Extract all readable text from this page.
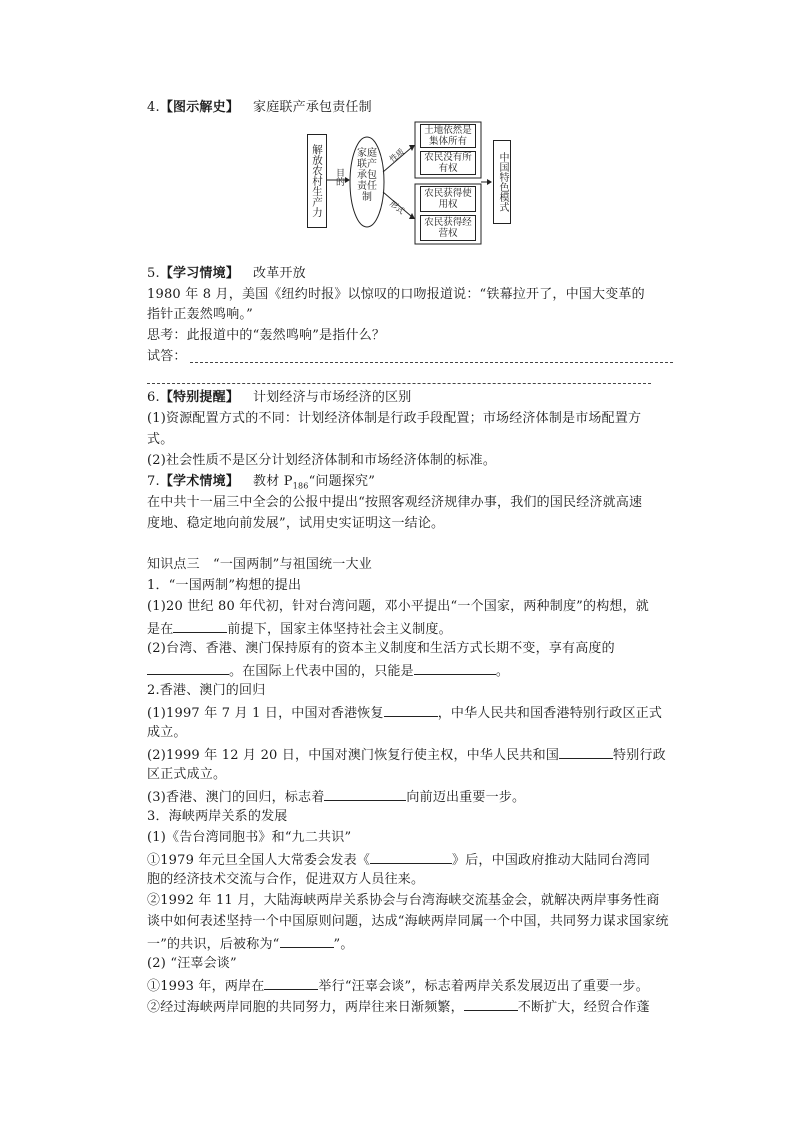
4.【图示解史】 家庭联产承包责任制
解放农村生产力 目的
家庭联产承包责任制
性质
形式
土地依然是集体所有
农民没有所有权
农民获得使用权
农民获得经营权
中国特色模式
5.【学习情境】 改革开放
1980 年 8 月，美国《纽约时报》以惊叹的口吻报道说：“铁幕拉开了，中国大变革的
指针正轰然鸣响。”
思考：此报道中的“轰然鸣响”是指什么？
试答：
6.【特别提醒】 计划经济与市场经济的区别
(1)资源配置方式的不同：计划经济体制是行政手段配置；市场经济体制是市场配置方
式。
(2)社会性质不是区分计划经济体制和市场经济体制的标准。
7.【学术情境】 教材 $P_{186}“$问题探究”
在中共十一届三中全会的公报中提出“按照客观经济规律办事，我们的国民经济就高速
度地、稳定地向前发展”，试用史实证明这一结论。
知识点三　“一国两制”与祖国统一大业
1．“一国两制”构想的提出
(1)20 世纪 80 年代初，针对台湾问题，邓小平提出“一个国家，两种制度”的构想，就
是在	前提下，国家主体坚持社会主义制度。
(2)台湾、香港、澳门保持原有的资本主义制度和生活方式长期不变，享有高度的
。在国际上代表中国的，只能是	。
2.香港、澳门的回归
(1)1997 年 7 月 1 日，中国对香港恢复	，中华人民共和国香港特别行政区正式
成立。
(2)1999 年 12 月 20 日，中国对澳门恢复行使主权，中华人民共和国	特别行政
区正式成立。
(3)香港、澳门的回归，标志着	向前迈出重要一步。
3．海峡两岸关系的发展
(1)《告台湾同胞书》和“九二共识”
①1979 年元旦全国人大常委会发表《	》后，中国政府推动大陆同台湾同
胞的经济技术交流与合作，促进双方人员往来。
②1992 年 11 月，大陆海峡两岸关系协会与台湾海峡交流基金会，就解决两岸事务性商
谈中如何表述坚持一个中国原则问题，达成“海峡两岸同属一个中国，共同努力谋求国家统
一”的共识，后被称为“	”。
(2) “汪辜会谈”
①1993 年，两岸在	举行“汪辜会谈”，标志着两岸关系发展迈出了重要一步。
②经过海峡两岸同胞的共同努力，两岸往来日渐频繁，	不断扩大，经贸合作蓬
